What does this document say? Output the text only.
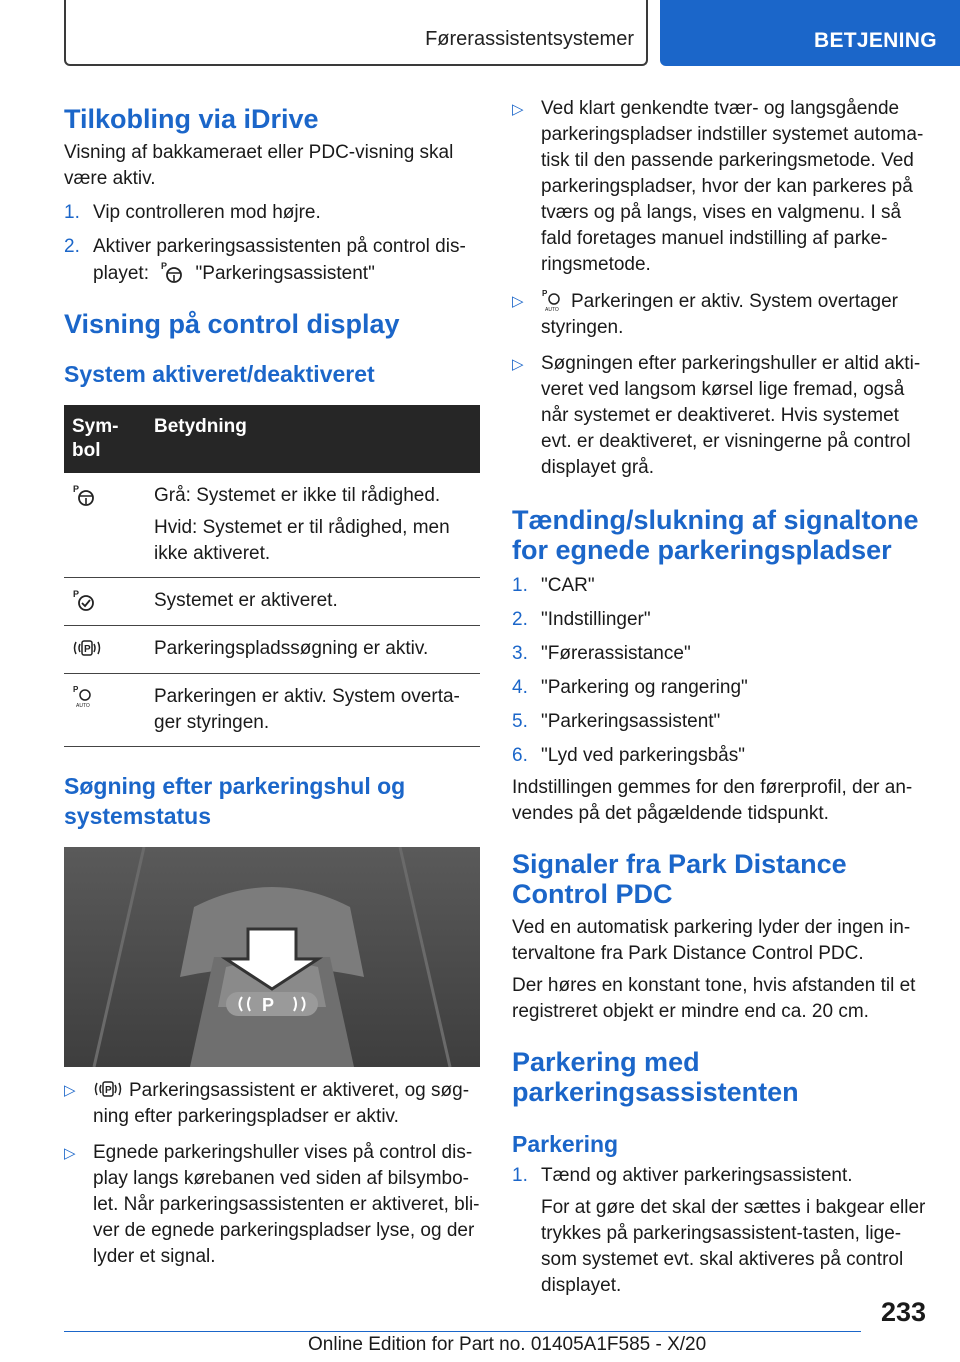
Førerassistentsystemer	BETJENING
Tilkobling via iDrive

Visning af bakkameraet eller PDC-visning skal være aktiv.

1. Vip controlleren mod højre.
2. Aktiver parkeringsassistenten på control displayet: P "Parkeringsassistent"
Visning på control display
System aktiveret/deaktiveret
Symbol	Betydning

P	Grå: Systemet er ikke til rådighed.

Hvid: Systemet er til rådighed, men ikke aktiveret.

P	Systemet er aktiveret.

P	Parkeringspladssøgning er aktiv.

P
AUTO	Parkeringen er aktiv. System overtager styringen.
Søgning efter parkeringshul og systemstatus
P
▷	P Parkeringsassistent er aktiveret, og søgning efter parkeringspladser er aktiv.
▷ Egnede parkeringshuller vises på control display langs kørebanen ved siden af bilsymbolet. Når parkeringsassistenten er aktiveret, bliver de egnede parkeringspladser lyse, og der lyder et signal.
▷ Ved klart genkendte tvær- og langsgående parkeringspladser indstiller systemet automatisk til den passende parkeringsmetode. Ved parkeringspladser, hvor der kan parkeres på tværs og på langs, vises en valgmenu. I så fald foretages manuel indstilling af parkeringsmetode.
▷	P
AUTO Parkeringen er aktiv. System overtager styringen.
▷ Søgningen efter parkeringshuller er altid aktiveret ved langsom kørsel lige fremad, også når systemet er deaktiveret. Hvis systemet evt. er deaktiveret, er visningerne på control displayet grå.
Tænding/slukning af signaltone for egnede parkeringspladser
1. "CAR"
2. "Indstillinger"
3. "Førerassistance"
4. "Parkering og rangering"
5. "Parkeringsassistent"
6. "Lyd ved parkeringsbås"

Indstillingen gemmes for den førerprofil, der anvendes på det pågældende tidspunkt.

Signaler fra Park Distance Control PDC

Ved en automatisk parkering lyder der ingen intervaltone fra Park Distance Control PDC.

Der høres en konstant tone, hvis afstanden til et registreret objekt er mindre end ca. 20 cm.

Parkering med parkeringsassistenten
Parkering
1. Tænd og aktiver parkeringsassistent.
For at gøre det skal der sættes i bakgear eller trykkes på parkeringsassistent-tasten, ligesom systemet evt. skal aktiveres på control displayet.
233
Online Edition for Part no. 01405A1F585 - X/20
